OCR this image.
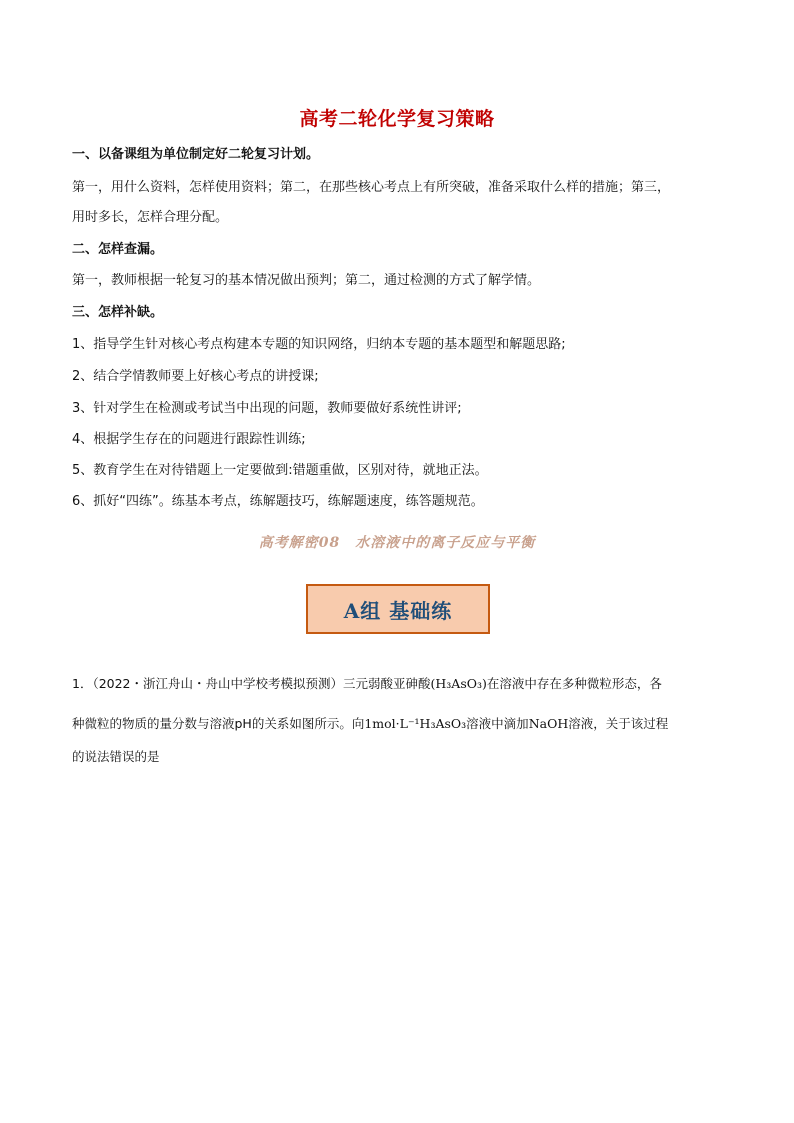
高考二轮化学复习策略
一、以备课组为单位制定好二轮复习计划。
第一，用什么资料，怎样使用资料；第二，在那些核心考点上有所突破，准备采取什么样的措施；第三，
用时多长，怎样合理分配。
二、怎样查漏。
第一，教师根据一轮复习的基本情况做出预判；第二，通过检测的方式了解学情。
三、怎样补缺。
1、指导学生针对核心考点构建本专题的知识网络，归纳本专题的基本题型和解题思路;
2、结合学情教师要上好核心考点的讲授课;
3、针对学生在检测或考试当中出现的问题，教师要做好系统性讲评;
4、根据学生存在的问题进行跟踪性训练;
5、教育学生在对待错题上一定要做到:错题重做，区别对待，就地正法。
6、抓好“四练”。练基本考点，练解题技巧，练解题速度，练答题规范。
高考解密08　水溶液中的离子反应与平衡
A组 基础练
1．（2022・浙江舟山・舟山中学校考模拟预测）三元弱酸亚砷酸(H₃AsO₃)在溶液中存在多种微粒形态，各
种微粒的物质的量分数与溶液pH的关系如图所示。向1mol·L⁻¹H₃AsO₃溶液中滴加NaOH溶液，关于该过程
的说法错误的是
